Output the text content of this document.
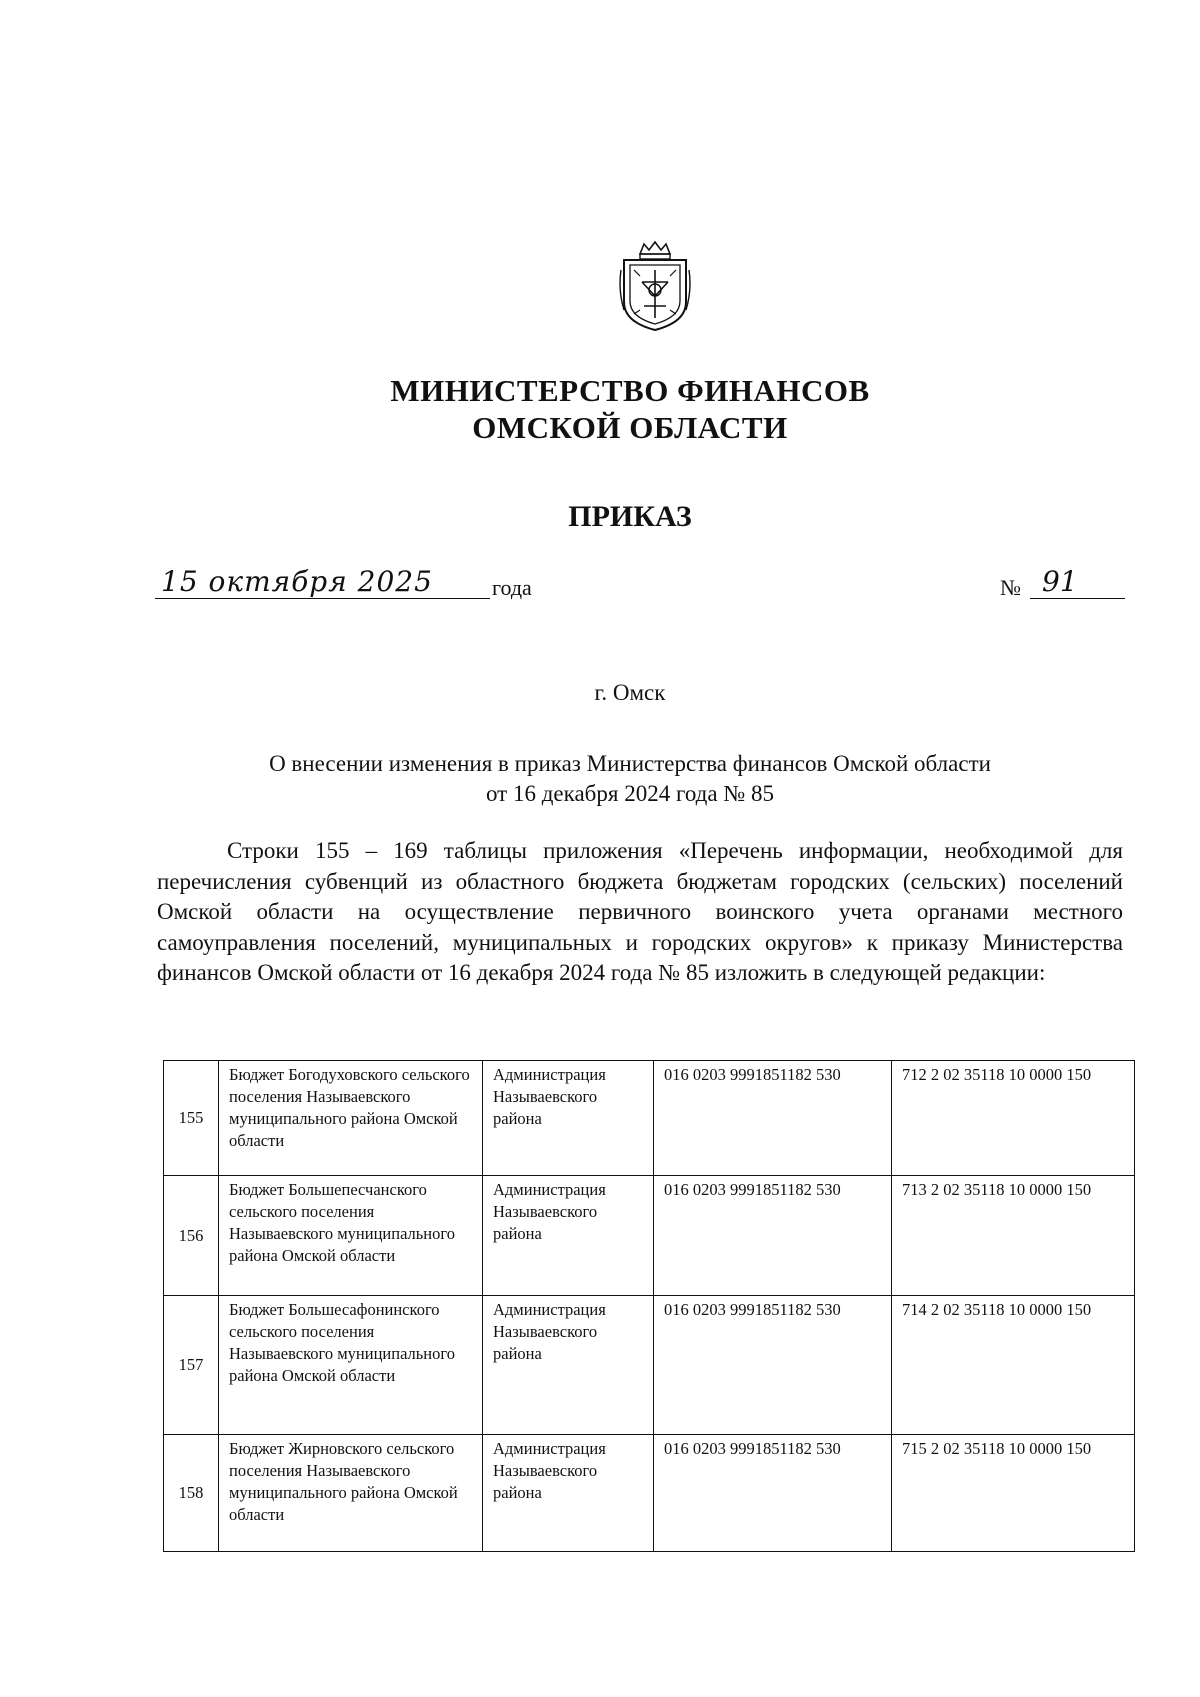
МИНИСТЕРСТВО ФИНАНСОВ
ОМСКОЙ ОБЛАСТИ
ПРИКАЗ
15 октября 2025	года	№ 91
г. Омск
О внесении изменения в приказ Министерства финансов Омской области
от 16 декабря 2024 года № 85
Строки 155 – 169 таблицы приложения «Перечень информации, необходимой для перечисления субвенций из областного бюджета бюджетам городских (сельских) поселений Омской области на осуществление первичного воинского учета органами местного самоуправления поселений, муниципальных и городских округов» к приказу Министерства финансов Омской области от 16 декабря 2024 года № 85 изложить в следующей редакции:
155	Бюджет Богодуховского сельского поселения Называевского муниципального района Омской области	Администрация Называевского района	016 0203 9991851182 530	712 2 02 35118 10 0000 150
156	Бюджет Большепесчанского сельского поселения Называевского муниципального района Омской области	Администрация Называевского района	016 0203 9991851182 530	713 2 02 35118 10 0000 150
157	Бюджет Большесафонинского сельского поселения Называевского муниципального района Омской области	Администрация Называевского района	016 0203 9991851182 530	714 2 02 35118 10 0000 150
158	Бюджет Жирновского сельского поселения Называевского муниципального района Омской области	Администрация Называевского района	016 0203 9991851182 530	715 2 02 35118 10 0000 150
